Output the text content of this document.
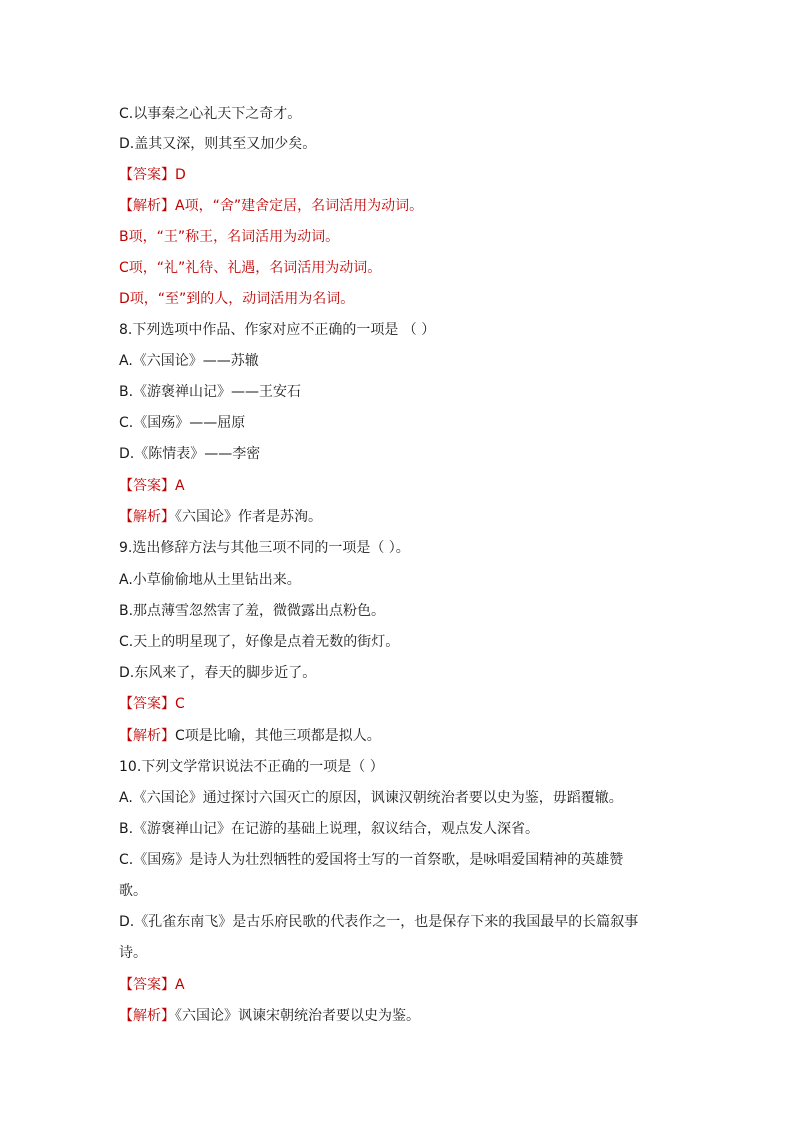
C.以事秦之心礼天下之奇才。
D.盖其又深，则其至又加少矣。
【答案】D
【解析】A项，“舍”建舍定居，名词活用为动词。
B项，“王”称王，名词活用为动词。
C项，“礼”礼待、礼遇，名词活用为动词。
D项，“至”到的人，动词活用为名词。
8.下列选项中作品、作家对应不正确的一项是 （ ）
A.《六国论》——苏辙
B.《游褒禅山记》——王安石
C.《国殇》——屈原
D.《陈情表》——李密
【答案】A
【解析】《六国论》作者是苏洵。
9.选出修辞方法与其他三项不同的一项是（ ）。
A.小草偷偷地从土里钻出来。
B.那点薄雪忽然害了羞，微微露出点粉色。
C.天上的明星现了，好像是点着无数的街灯。
D.东风来了，春天的脚步近了。
【答案】C
【解析】C项是比喻，其他三项都是拟人。
10.下列文学常识说法不正确的一项是（ ）
A.《六国论》通过探讨六国灭亡的原因，讽谏汉朝统治者要以史为鉴，毋蹈覆辙。
B.《游褒禅山记》在记游的基础上说理，叙议结合，观点发人深省。
C.《国殇》是诗人为壮烈牺牲的爱国将士写的一首祭歌，是咏唱爱国精神的英雄赞
歌。
D.《孔雀东南飞》是古乐府民歌的代表作之一，也是保存下来的我国最早的长篇叙事
诗。
【答案】A
【解析】《六国论》讽谏宋朝统治者要以史为鉴。
